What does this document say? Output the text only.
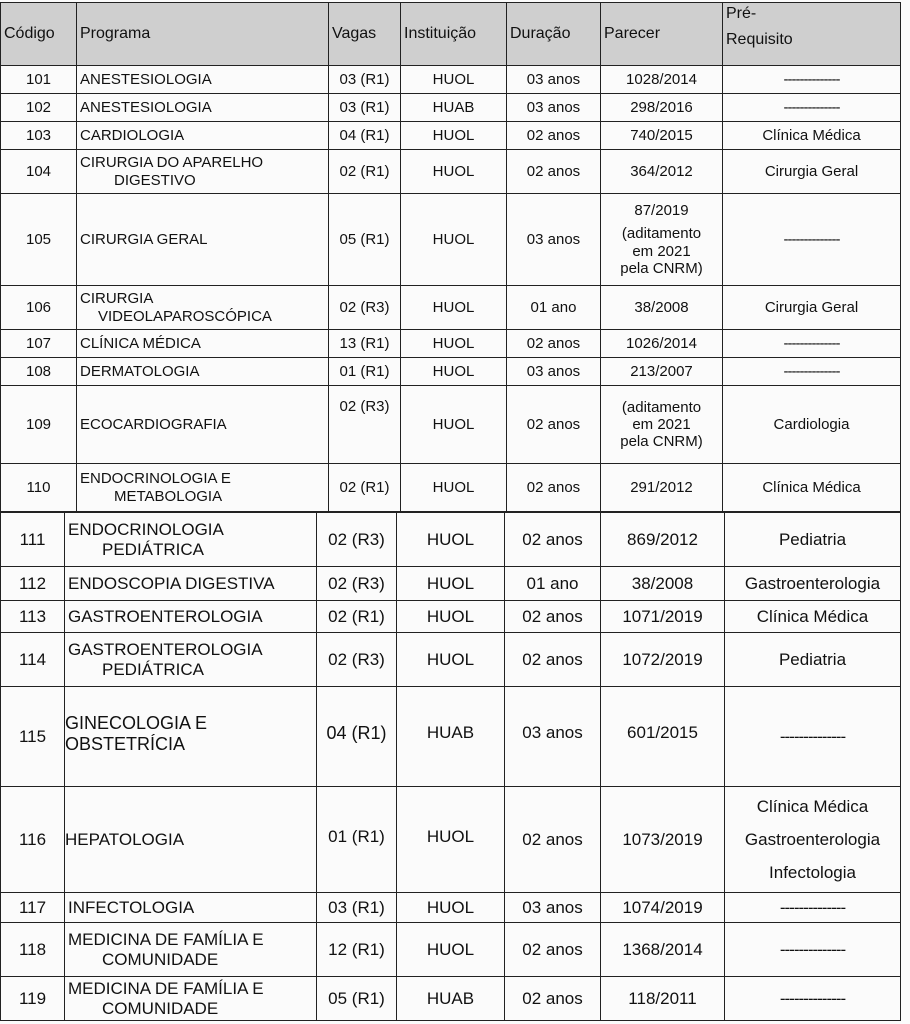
Código	Programa	Vagas	Instituição	Duração	Parecer	Pré-
Requisito

101	ANESTESIOLOGIA	03 (R1)	HUOL	03 anos	1028/2014	--------------
102	ANESTESIOLOGIA	03 (R1)	HUAB	03 anos	298/2016	--------------
103	CARDIOLOGIA	04 (R1)	HUOL	02 anos	740/2015	Clínica Médica
104	CIRURGIA DO APARELHO
DIGESTIVO	02 (R1)	HUOL	02 anos	364/2012	Cirurgia Geral
105	CIRURGIA GERAL	05 (R1)	HUOL	03 anos	87/2019
(aditamento
em 2021
pela CNRM)	--------------
106	CIRURGIA
VIDEOLAPAROSCÓPICA	02 (R3)	HUOL	01 ano	38/2008	Cirurgia Geral
107	CLÍNICA MÉDICA	13 (R1)	HUOL	02 anos	1026/2014	--------------
108	DERMATOLOGIA	01 (R1)	HUOL	03 anos	213/2007	--------------
109	ECOCARDIOGRAFIA	02 (R3)	HUOL	02 anos	(aditamento
em 2021
pela CNRM)	Cardiologia
110	ENDOCRINOLOGIA E
METABOLOGIA	02 (R1)	HUOL	02 anos	291/2012	Clínica Médica
111	ENDOCRINOLOGIA
PEDIÁTRICA	02 (R3)	HUOL	02 anos	869/2012	Pediatria
112	ENDOSCOPIA DIGESTIVA	02 (R3)	HUOL	01 ano	38/2008	Gastroenterologia
113	GASTROENTEROLOGIA	02 (R1)	HUOL	02 anos	1071/2019	Clínica Médica
114	GASTROENTEROLOGIA
PEDIÁTRICA	02 (R3)	HUOL	02 anos	1072/2019	Pediatria
115	GINECOLOGIA E
OBSTETRÍCIA	04 (R1)	HUAB	03 anos	601/2015	--------------
116	HEPATOLOGIA	01 (R1)	HUOL	02 anos	1073/2019	Clínica Médica
Gastroenterologia
Infectologia

117	INFECTOLOGIA	03 (R1)	HUOL	03 anos	1074/2019	--------------
118	MEDICINA DE FAMÍLIA E
COMUNIDADE	12 (R1)	HUOL	02 anos	1368/2014	--------------
119	MEDICINA DE FAMÍLIA E
COMUNIDADE	05 (R1)	HUAB	02 anos	118/2011	--------------
